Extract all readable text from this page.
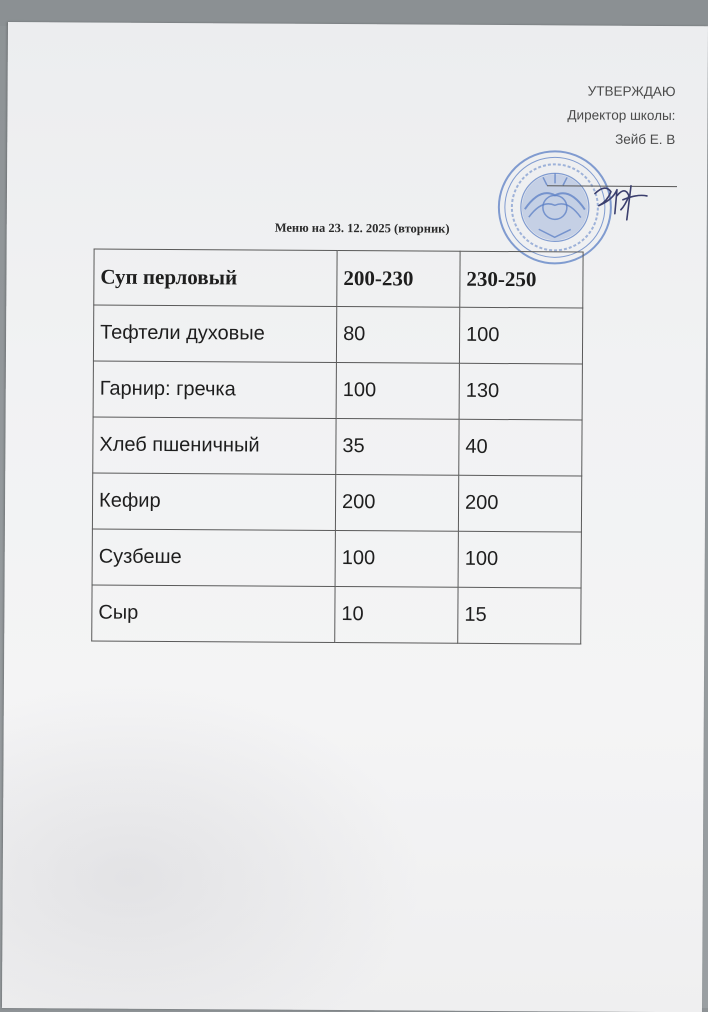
УТВЕРЖДАЮ
Директор школы:
Зейб Е. В
Меню на 23. 12. 2025 (вторник)
Суп перловый	200-230	230-250
Тефтели духовые	80	100
Гарнир: гречка	100	130
Хлеб пшеничный	35	40
Кефир	200	200
Сузбеше	100	100
Сыр	10	15
